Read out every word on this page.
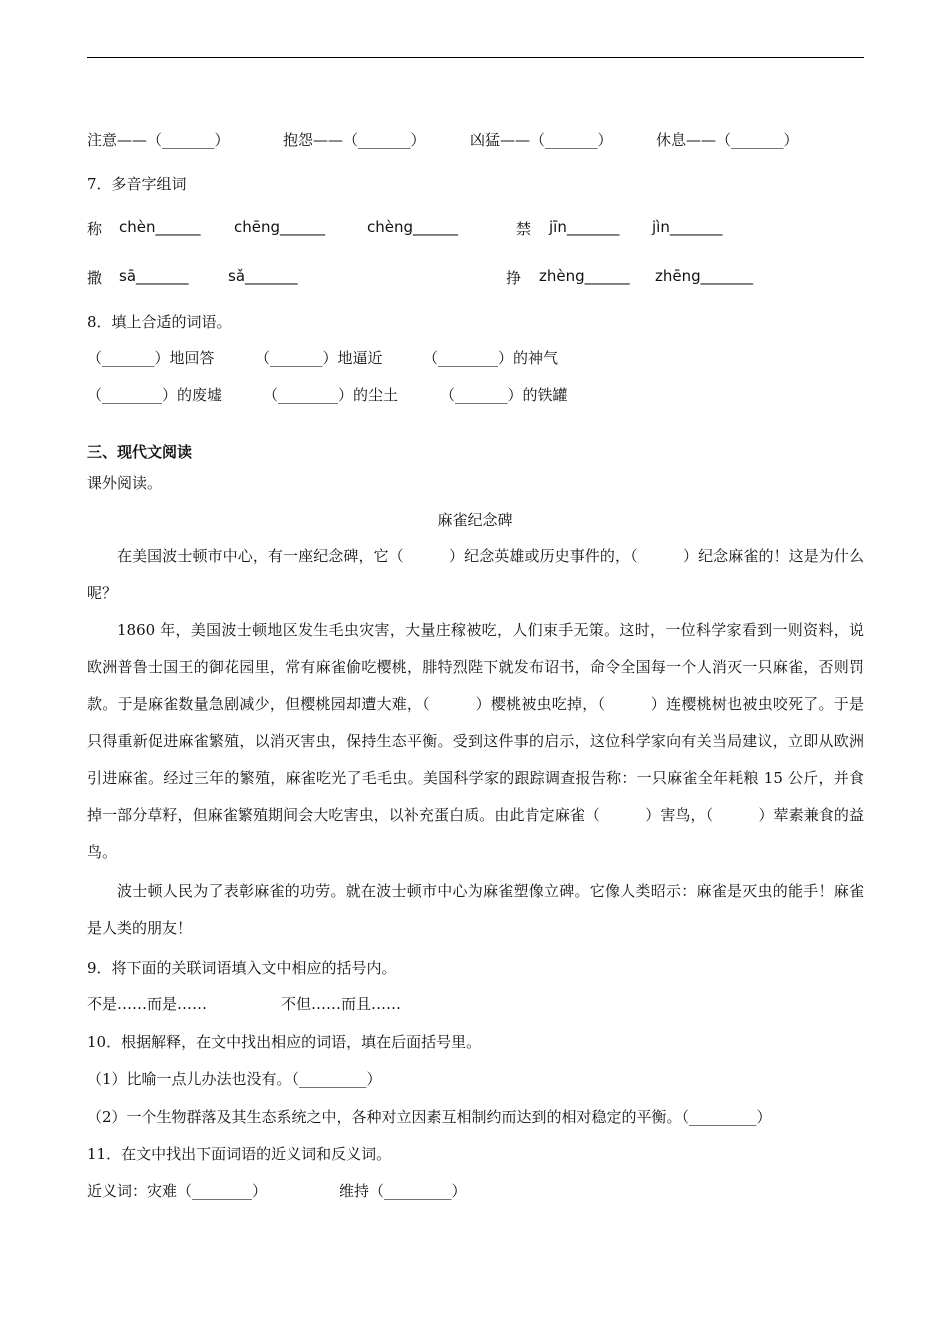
注意——（_______）	抱怨——（_______）	凶猛——（_______）	休息——（_______）
7．多音字组词
称 chèn______ chēng______	chèng______	禁 jīn_______ jìn_______
撒 sā_______	sǎ_______	挣 zhèng______ zhēng_______
8．填上合适的词语。
（_______）地回答	（_______）地逼近	（________）的神气
（________）的废墟	（________）的尘土	（_______）的铁罐
三、现代文阅读
课外阅读。
麻雀纪念碑
在美国波士顿市中心，有一座纪念碑，它（　　　）纪念英雄或历史事件的，（　　　）纪念麻雀的！这是为什么呢？
1860 年，美国波士顿地区发生毛虫灾害，大量庄稼被吃，人们束手无策。这时，一位科学家看到一则资料，说欧洲普鲁士国王的御花园里，常有麻雀偷吃樱桃，腓特烈陛下就发布诏书，命令全国每一个人消灭一只麻雀，否则罚款。于是麻雀数量急剧减少，但樱桃园却遭大难，（　　　）樱桃被虫吃掉，（　　　）连樱桃树也被虫咬死了。于是只得重新促进麻雀繁殖，以消灭害虫，保持生态平衡。受到这件事的启示，这位科学家向有关当局建议，立即从欧洲引进麻雀。经过三年的繁殖，麻雀吃光了毛毛虫。美国科学家的跟踪调查报告称：一只麻雀全年耗粮 15 公斤，并食掉一部分草籽，但麻雀繁殖期间会大吃害虫，以补充蛋白质。由此肯定麻雀（　　　）害鸟，（　　　）荤素兼食的益鸟。
波士顿人民为了表彰麻雀的功劳。就在波士顿市中心为麻雀塑像立碑。它像人类昭示：麻雀是灭虫的能手！麻雀是人类的朋友！
9．将下面的关联词语填入文中相应的括号内。
不是……而是……	不但……而且……
10．根据解释，在文中找出相应的词语，填在后面括号里。
（1）比喻一点儿办法也没有。（_________）
（2）一个生物群落及其生态系统之中，各种对立因素互相制约而达到的相对稳定的平衡。（_________）
11．在文中找出下面词语的近义词和反义词。
近义词：灾难（________）	维持（_________）
